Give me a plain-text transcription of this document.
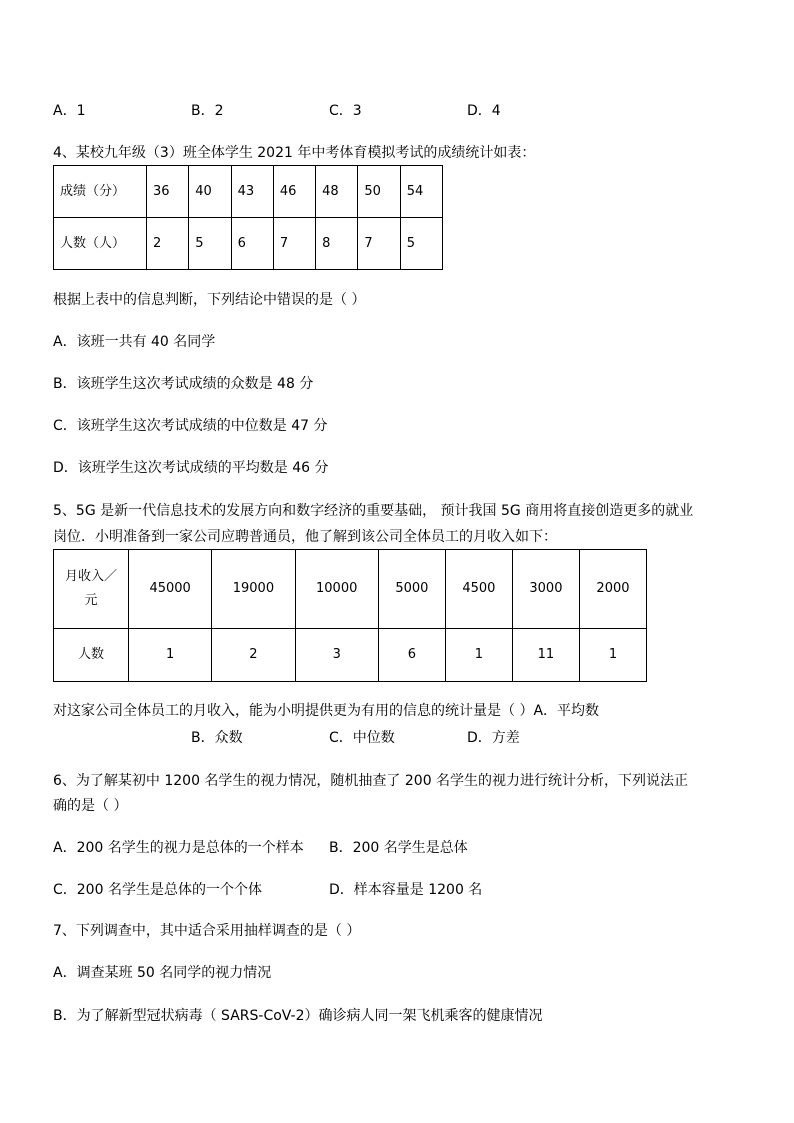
A．1	B．2	C．3	D．4
4、某校九年级（3）班全体学生 2021 年中考体育模拟考试的成绩统计如表：
成绩（分）	36	40	43	46	48	50	54
人数（人）	2	5	6	7	8	7	5
根据上表中的信息判断，下列结论中错误的是（ ）
A．该班一共有 40 名同学
B．该班学生这次考试成绩的众数是 48 分
C．该班学生这次考试成绩的中位数是 47 分
D．该班学生这次考试成绩的平均数是 46 分
5、5G 是新一代信息技术的发展方向和数字经济的重要基础， 预计我国 5G 商用将直接创造更多的就业
岗位．小明准备到一家公司应聘普通员，他了解到该公司全体员工的月收入如下：
月收入／
元	45000	19000	10000	5000	4500	3000	2000
人数	1	2	3	6	1	11	1
对这家公司全体员工的月收入，能为小明提供更为有用的信息的统计量是（ ）A．平均数
B．众数	C．中位数	D．方差
6、为了解某初中 1200 名学生的视力情况，随机抽查了 200 名学生的视力进行统计分析，下列说法正
确的是（ ）
A．200 名学生的视力是总体的一个样本 B．200 名学生是总体
C．200 名学生是总体的一个个体	D．样本容量是 1200 名
7、下列调查中，其中适合采用抽样调查的是（ ）
A．调查某班 50 名同学的视力情况
B．为了解新型冠状病毒（ SARS-CoV-2）确诊病人同一架飞机乘客的健康情况
